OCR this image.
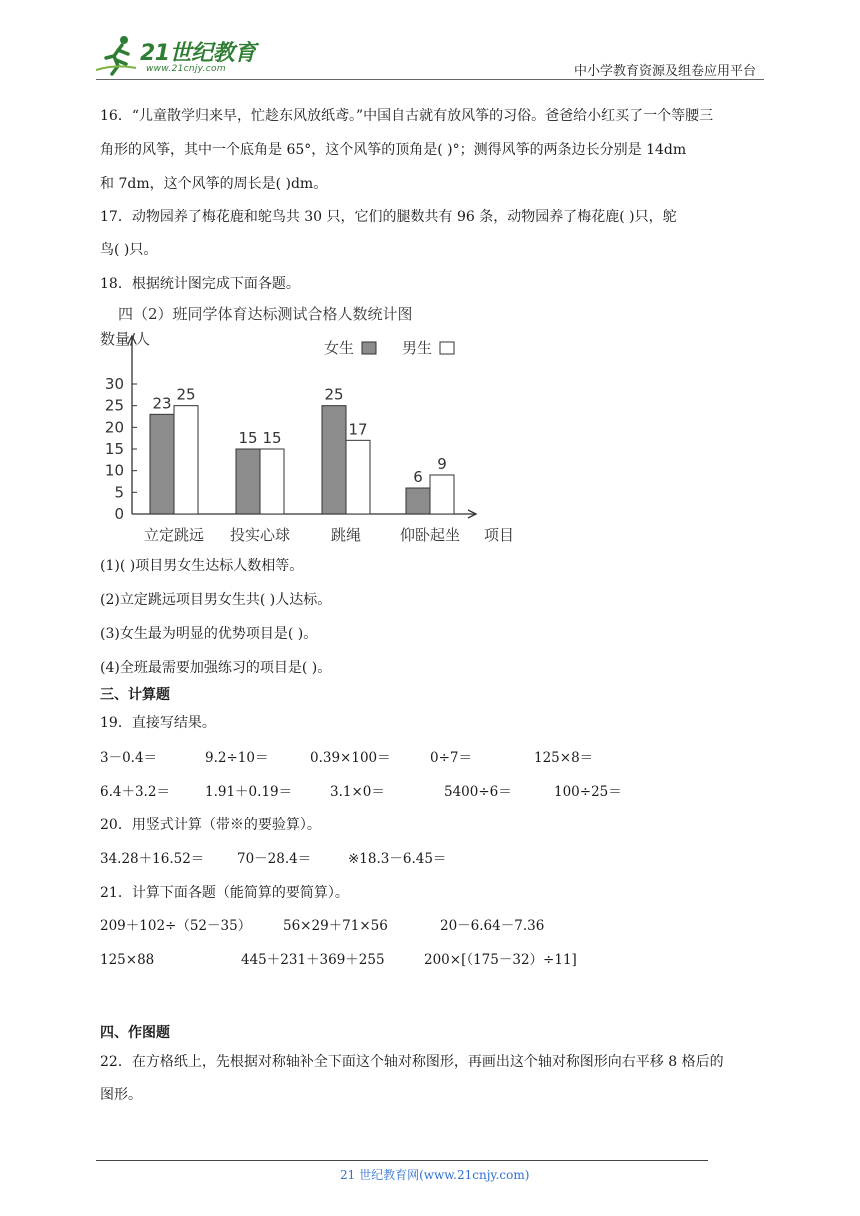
21世纪教育
www.21cnjy.com	中小学教育资源及组卷应用平台
16．“儿童散学归来早，忙趁东风放纸鸢。”中国自古就有放风筝的习俗。爸爸给小红买了一个等腰三
角形的风筝，其中一个底角是 65°，这个风筝的顶角是( )°；测得风筝的两条边长分别是 14dm
和 7dm，这个风筝的周长是( )dm。
17．动物园养了梅花鹿和鸵鸟共 30 只，它们的腿数共有 96 条，动物园养了梅花鹿( )只，鸵
鸟( )只。
18．根据统计图完成下面各题。
四（2）班同学体育达标测试合格人数统计图
数量/人
项目
0
5
10
15
20
25
30
女生	男生
23 25
立定跳远
15 15
投实心球
25
17
跳绳
6
9
仰卧起坐
(1)( )项目男女生达标人数相等。
(2)立定跳远项目男女生共( )人达标。
(3)女生最为明显的优势项目是( )。
(4)全班最需要加强练习的项目是( )。
三、计算题
19．直接写结果。
3－0.4＝	9.2÷10＝	0.39×100＝	0÷7＝	125×8＝
6.4＋3.2＝	1.91＋0.19＝	3.1×0＝	5400÷6＝	100÷25＝
20．用竖式计算（带※的要验算）。
34.28＋16.52＝ 70－28.4＝	※18.3－6.45＝
21．计算下面各题（能简算的要简算）。
209＋102÷（52－35） 56×29＋71×56	20－6.64－7.36
125×88	445＋231＋369＋255	200×[（175－32）÷11]
四、作图题
22．在方格纸上，先根据对称轴补全下面这个轴对称图形，再画出这个轴对称图形向右平移 8 格后的
图形。
21 世纪教育网(www.21cnjy.com)
